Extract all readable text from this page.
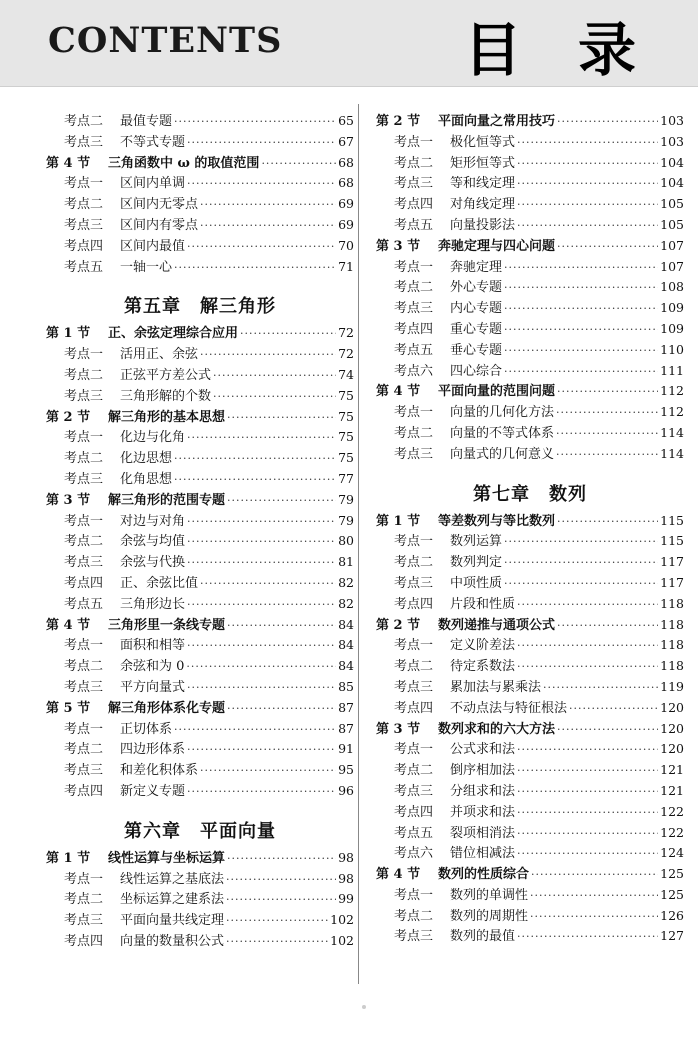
CONTENTS	目 录
考点二	最值专题 ·····	65
考点三	不等式专题 ·····	67
第 4 节	三角函数中 ω 的取值范围 ·····	68
考点一	区间内单调 ·····	68
考点二	区间内无零点 ·····	69
考点三	区间内有零点 ·····	69
考点四	区间内最值 ·····	70
考点五	一轴一心 ·····	71
第五章　解三角形
第 1 节	正、余弦定理综合应用 ·····	72
考点一	活用正、余弦 ·····	72
考点二	正弦平方差公式 ·····	74
考点三	三角形解的个数 ·····	75
第 2 节	解三角形的基本思想 ·····	75
考点一	化边与化角 ·····	75
考点二	化边思想 ·····	75
考点三	化角思想 ·····	77
第 3 节	解三角形的范围专题 ·····	79
考点一	对边与对角 ·····	79
考点二	余弦与均值 ·····	80
考点三	余弦与代换 ·····	81
考点四	正、余弦比值 ·····	82
考点五	三角形边长 ·····	82
第 4 节	三角形里一条线专题 ·····	84
考点一	面积和相等 ·····	84
考点二	余弦和为 0 ·····	84
考点三	平方向量式 ·····	85
第 5 节	解三角形体系化专题 ·····	87
考点一	正切体系 ·····	87
考点二	四边形体系 ·····	91
考点三	和差化积体系 ·····	95
考点四	新定义专题 ·····	96
第六章　平面向量
第 1 节	线性运算与坐标运算 ·····	98
考点一	线性运算之基底法 ·····	98
考点二	坐标运算之建系法 ·····	99
考点三	平面向量共线定理 ·····	102
考点四	向量的数量积公式 ·····	102
第 2 节	平面向量之常用技巧 ·····	103
考点一	极化恒等式 ·····	103
考点二	矩形恒等式 ·····	104
考点三	等和线定理 ·····	104
考点四	对角线定理 ·····	105
考点五	向量投影法 ·····	105
第 3 节	奔驰定理与四心问题 ·····	107
考点一	奔驰定理 ·····	107
考点二	外心专题 ·····	108
考点三	内心专题 ·····	109
考点四	重心专题 ·····	109
考点五	垂心专题 ·····	110
考点六	四心综合 ·····	111
第 4 节	平面向量的范围问题 ·····	112
考点一	向量的几何化方法 ·····	112
考点二	向量的不等式体系 ·····	114
考点三	向量式的几何意义 ·····	114
第七章　数列
第 1 节	等差数列与等比数列 ·····	115
考点一	数列运算 ·····	115
考点二	数列判定 ·····	117
考点三	中项性质 ·····	117
考点四	片段和性质 ·····	118
第 2 节	数列递推与通项公式 ·····	118
考点一	定义阶差法 ·····	118
考点二	待定系数法 ·····	118
考点三	累加法与累乘法 ·····	119
考点四	不动点法与特征根法 ·····	120
第 3 节	数列求和的六大方法 ·····	120
考点一	公式求和法 ·····	120
考点二	倒序相加法 ·····	121
考点三	分组求和法 ·····	121
考点四	并项求和法 ·····	122
考点五	裂项相消法 ·····	122
考点六	错位相减法 ·····	124
第 4 节	数列的性质综合 ·····	125
考点一	数列的单调性 ·····	125
考点二	数列的周期性 ·····	126
考点三	数列的最值 ·····	127
